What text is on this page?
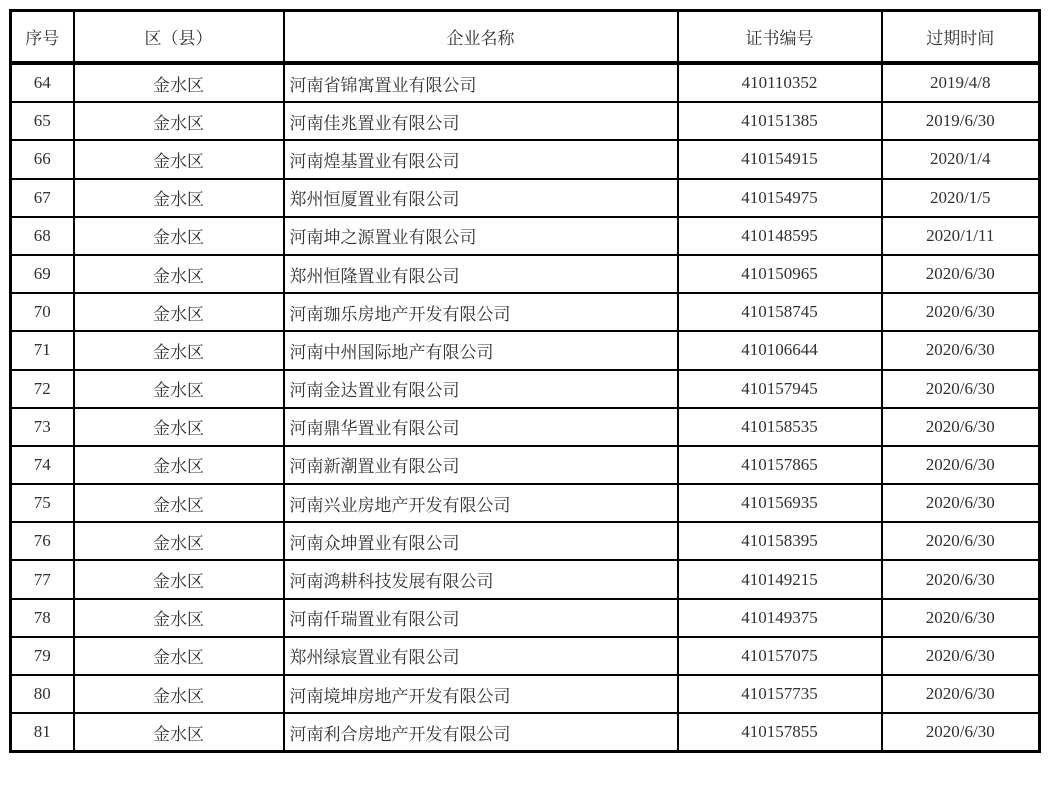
序号	区（县）	企业名称	证书编号	过期时间
64	金水区	河南省锦寓置业有限公司	410110352	2019/4/8
65	金水区	河南佳兆置业有限公司	410151385	2019/6/30
66	金水区	河南煌基置业有限公司	410154915	2020/1/4
67	金水区	郑州恒厦置业有限公司	410154975	2020/1/5
68	金水区	河南坤之源置业有限公司	410148595	2020/1/11
69	金水区	郑州恒隆置业有限公司	410150965	2020/6/30
70	金水区	河南珈乐房地产开发有限公司	410158745	2020/6/30
71	金水区	河南中州国际地产有限公司	410106644	2020/6/30
72	金水区	河南金达置业有限公司	410157945	2020/6/30
73	金水区	河南鼎华置业有限公司	410158535	2020/6/30
74	金水区	河南新潮置业有限公司	410157865	2020/6/30
75	金水区	河南兴业房地产开发有限公司	410156935	2020/6/30
76	金水区	河南众坤置业有限公司	410158395	2020/6/30
77	金水区	河南鸿耕科技发展有限公司	410149215	2020/6/30
78	金水区	河南仟瑞置业有限公司	410149375	2020/6/30
79	金水区	郑州绿宸置业有限公司	410157075	2020/6/30
80	金水区	河南境坤房地产开发有限公司	410157735	2020/6/30
81	金水区	河南利合房地产开发有限公司	410157855	2020/6/30
